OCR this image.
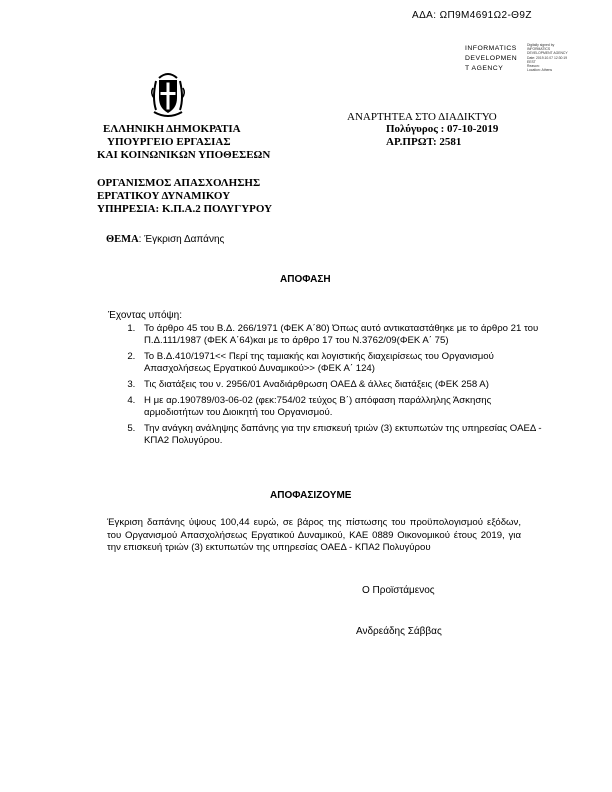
ΑΔΑ: ΩΠ9Μ4691Ω2-Θ9Ζ
INFORMATICS
DEVELOPMEN
T AGENCY
Digitally signed by
INFORMATICS
DEVELOPMENT AGENCY
Date: 2019.10.07 12:30:19
EEST
Reason:
Location: Athens
ΕΛΛΗΝΙΚΗ ΔΗΜΟΚΡΑΤΙΑ
ΑΝΑΡΤΗΤΕΑ ΣΤΟ ΔΙΑΔΙΚΤΥΟ
ΥΠΟΥΡΓΕΙΟ ΕΡΓΑΣΙΑΣ
Πολύγυρος : 07-10-2019
ΑΡ.ΠΡΩΤ: 2581
ΚΑΙ ΚΟΙΝΩΝΙΚΩΝ ΥΠΟΘΕΣΕΩΝ
ΟΡΓΑΝΙΣΜΟΣ ΑΠΑΣΧΟΛΗΣΗΣ
ΕΡΓΑΤΙΚΟΥ ΔΥΝΑΜΙΚΟΥ
ΥΠΗΡΕΣΙΑ: Κ.Π.Α.2 ΠΟΛΥΓΥΡΟΥ
ΘΕΜΑ: Έγκριση Δαπάνης
ΑΠΟΦΑΣΗ
Έχοντας υπόψη:
1. Το άρθρο 45 του Β.Δ. 266/1971 (ΦΕΚ Α΄80) Όπως αυτό αντικαταστάθηκε με το άρθρο 21 του Π.Δ.111/1987 (ΦΕΚ Α΄64)και με το άρθρο 17 του Ν.3762/09(ΦΕΚ Α΄ 75)
2. Το Β.Δ.410/1971<< Περί της ταμιακής και λογιστικής διαχειρίσεως του Οργανισμού Απασχολήσεως Εργατικού Δυναμικού>> (ΦΕΚ Α΄ 124)
3. Τις διατάξεις του ν. 2956/01 Αναδιάρθρωση ΟΑΕΔ & άλλες διατάξεις (ΦΕΚ 258 Α)
4. Η με αρ.190789/03-06-02 (φεκ:754/02 τεύχος Β΄) απόφαση παράλληλης Άσκησης αρμοδιοτήτων του Διοικητή του Οργανισμού.
5. Την ανάγκη ανάληψης δαπάνης για την επισκευή τριών (3) εκτυπωτών της υπηρεσίας ΟΑΕΔ - ΚΠΑ2 Πολυγύρου.
ΑΠΟΦΑΣΙΖΟΥΜΕ
Έγκριση δαπάνης ύψους 100,44 ευρώ, σε βάρος της πίστωσης του προϋπολογισμού εξόδων, του Οργανισμού Απασχολήσεως Εργατικού Δυναμικού, ΚΑΕ 0889 Οικονομικού έτους 2019, για την επισκευή τριών (3) εκτυπωτών της υπηρεσίας ΟΑΕΔ - ΚΠΑ2 Πολυγύρου
Ο Προϊστάμενος
Ανδρεάδης Σάββας
